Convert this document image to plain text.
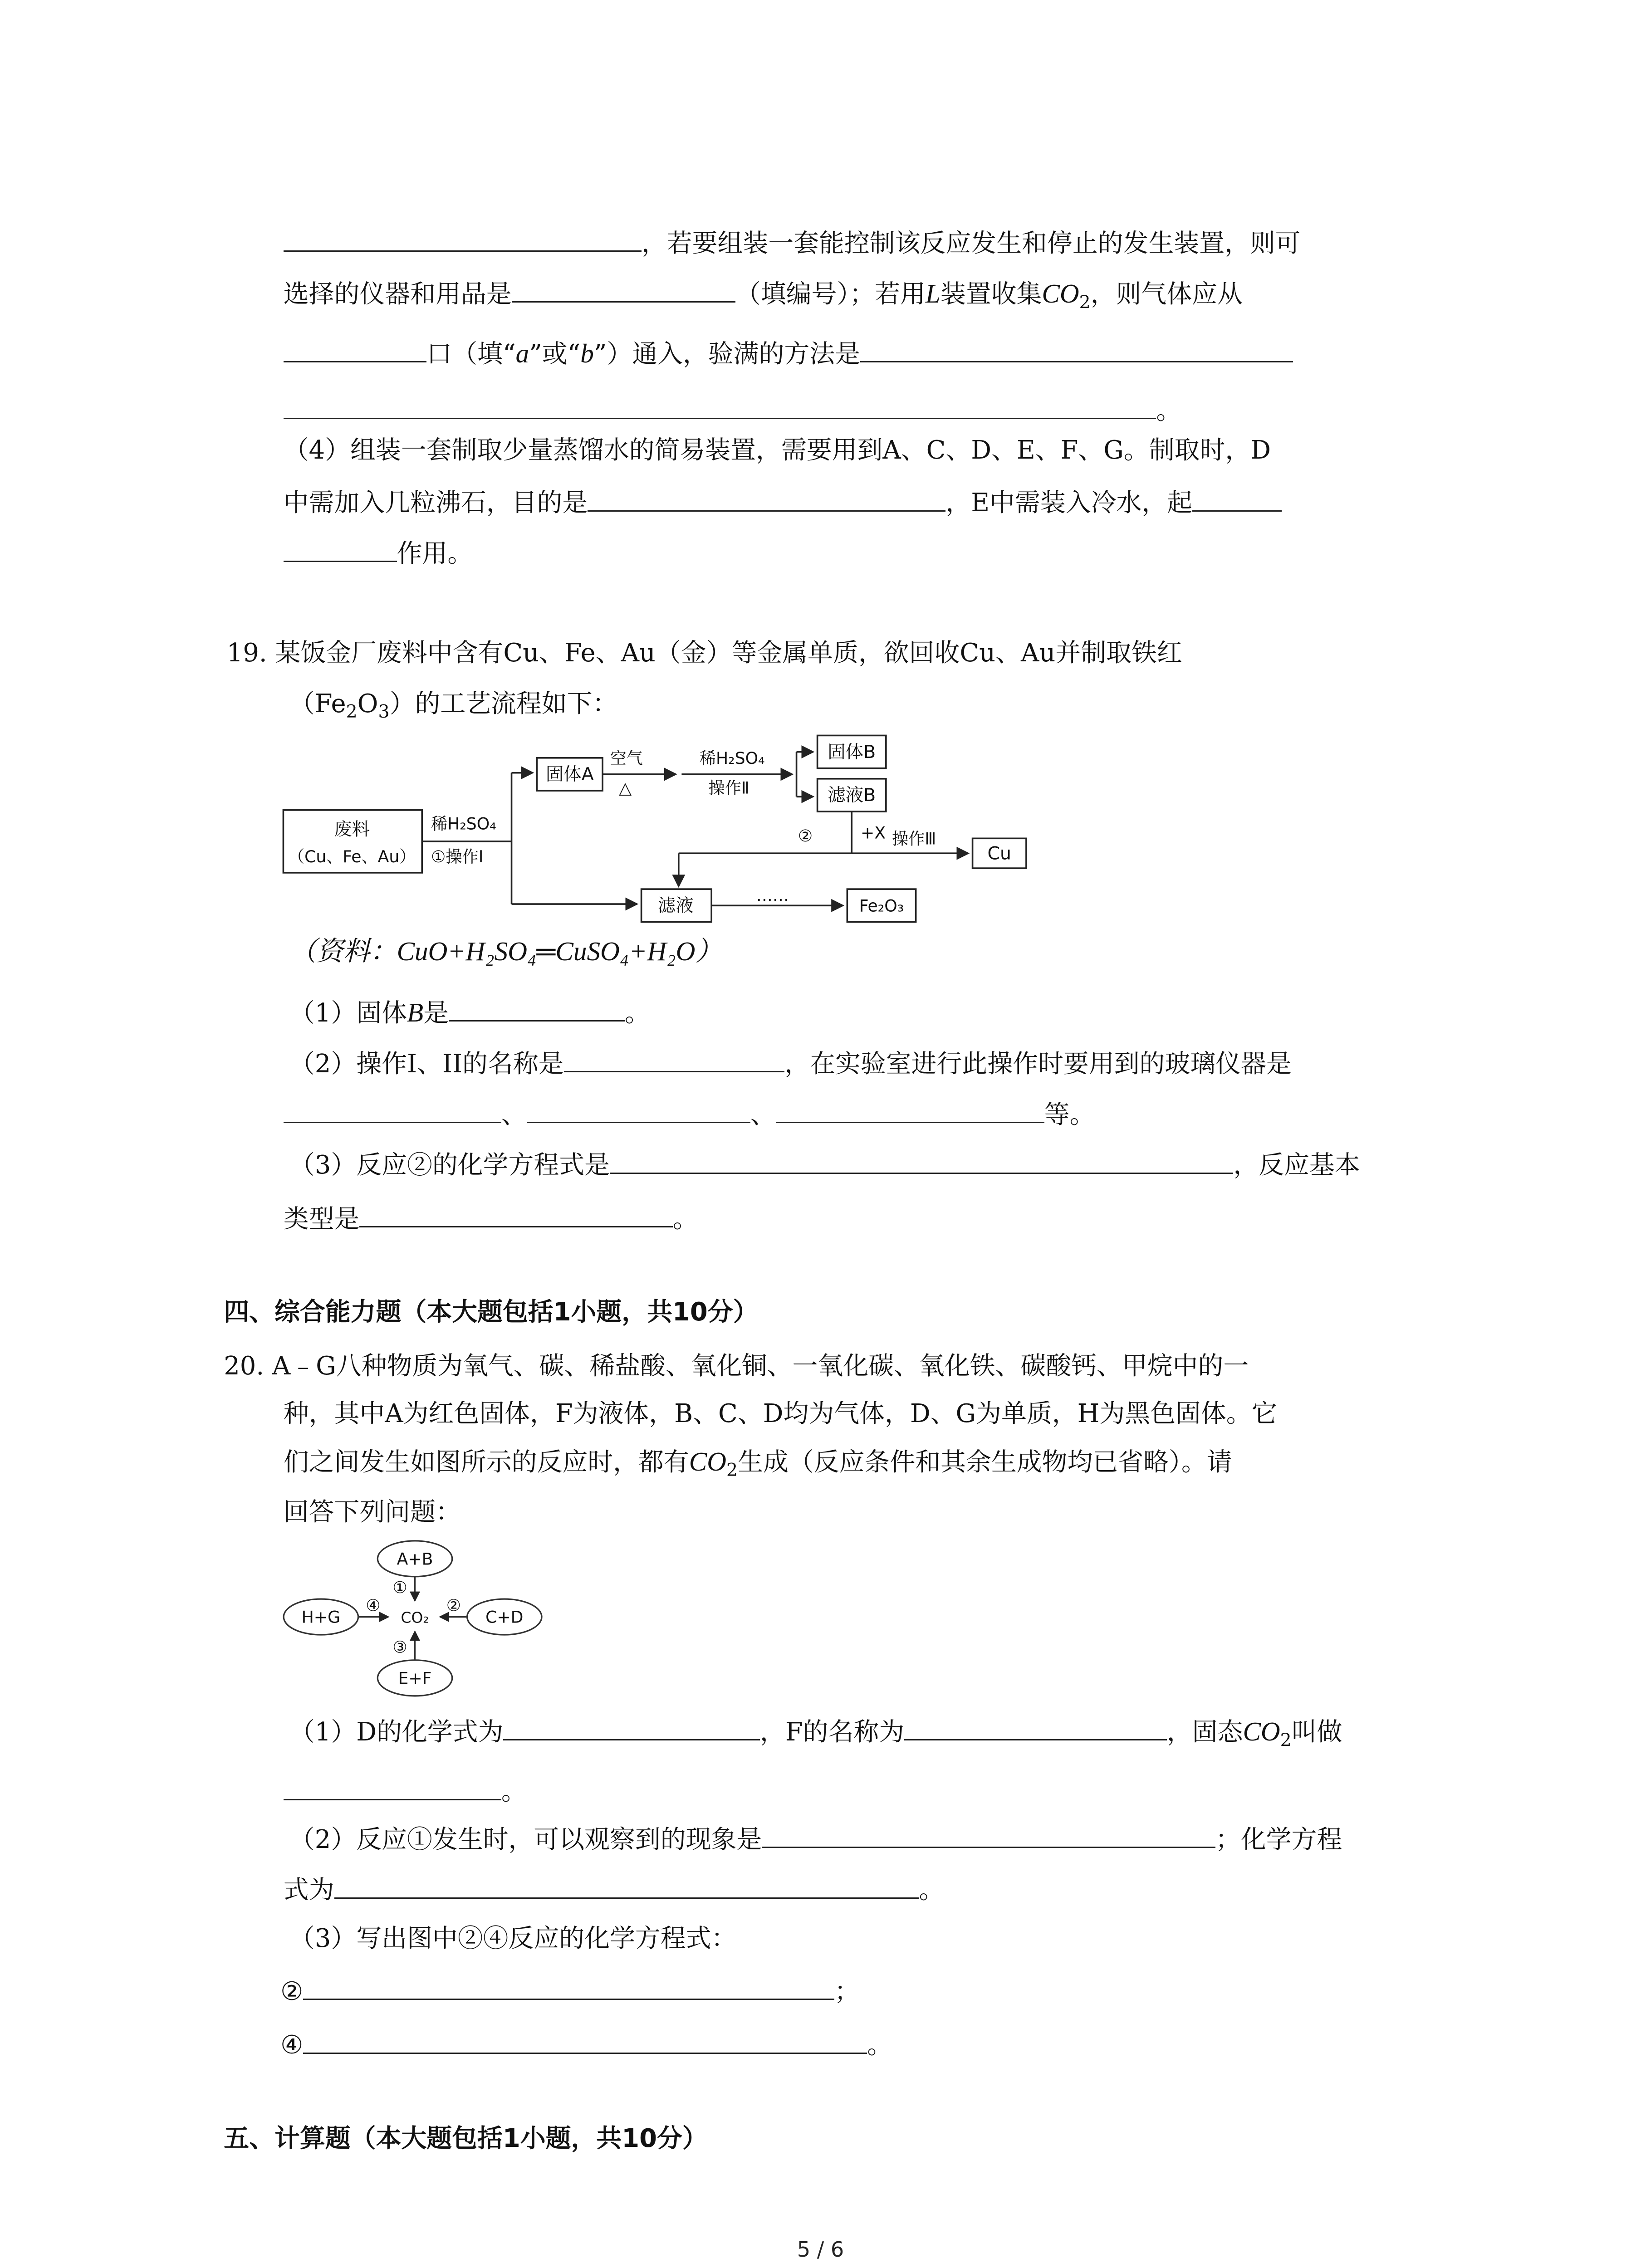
，若要组装一套能控制该反应发生和停止的发生装置，则可
选择的仪器和用品是	（填编号）；若用L装置收集$CO_2$，则气体应从
口（填“a”或“b”）通入，验满的方法是
。
（4）组装一套制取少量蒸馏水的简易装置，需要用到A、C、D、E、F、G。制取时，D
中需加入几粒沸石，目的是	，E中需装入冷水，起
作用。
19. 某饭金厂废料中含有Cu、Fe、Au（金）等金属单质，欲回收Cu、Au并制取铁红
$(Fe_2O_3)$的工艺流程如下：
废料
（Cu、Fe、Au）
稀H₂SO₄
①操作Ⅰ
固体A
空气
△
稀H₂SO₄
操作Ⅱ
固体B
滤液B
②	+X 操作Ⅲ
Cu
滤液	……
Fe₂O₃
（资料：CuO+H₂SO₄═CuSO₄+H₂O）
（1）固体B是	。
（2）操作I、II的名称是	，在实验室进行此操作时要用到的玻璃仪器是
、	、	等。
（3）反应②的化学方程式是	，反应基本
类型是	。
四、综合能力题（本大题包括1小题，共10分）
20. A﹣G八种物质为氧气、碳、稀盐酸、氧化铜、一氧化碳、氧化铁、碳酸钙、甲烷中的一
种，其中A为红色固体，F为液体，B、C、D均为气体，D、G为单质，H为黑色固体。它
们之间发生如图所示的反应时，都有$CO_2$生成（反应条件和其余生成物均已省略）。请
回答下列问题：
A+B
H+G	C+D
E+F
CO₂
①
④	②
③
（1）D的化学式为	，F的名称为	，固态$CO_2$叫做
。
（2）反应①发生时，可以观察到的现象是	；化学方程
式为	。
（3）写出图中②④反应的化学方程式：
②	；
④	。
五、计算题（本大题包括1小题，共10分）
5 / 6
